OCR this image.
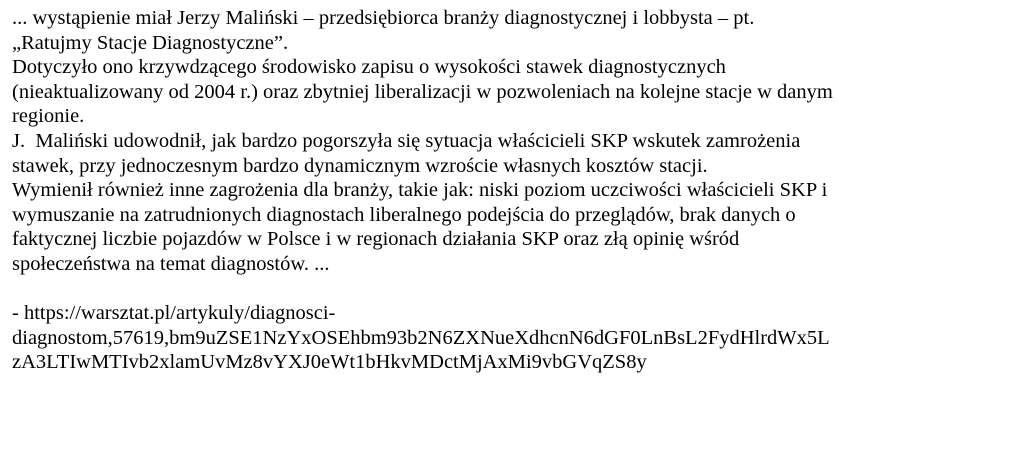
... wystąpienie miał Jerzy Maliński – przedsiębiorca branży diagnostycznej i lobbysta – pt.
„Ratujmy Stacje Diagnostyczne”.
Dotyczyło ono krzywdzącego środowisko zapisu o wysokości stawek diagnostycznych
(nieaktualizowany od 2004 r.) oraz zbytniej liberalizacji w pozwoleniach na kolejne stacje w danym
regionie.
J.  Maliński udowodnił, jak bardzo pogorszyła się sytuacja właścicieli SKP wskutek zamrożenia
stawek, przy jednoczesnym bardzo dynamicznym wzroście własnych kosztów stacji.
Wymienił również inne zagrożenia dla branży, takie jak: niski poziom uczciwości właścicieli SKP i
wymuszanie na zatrudnionych diagnostach liberalnego podejścia do przeglądów, brak danych o
faktycznej liczbie pojazdów w Polsce i w regionach działania SKP oraz złą opinię wśród
społeczeństwa na temat diagnostów. ...
- https://warsztat.pl/artykuly/diagnosci-
diagnostom,57619,bm9uZSE1NzYxOSEhbm93b2N6ZXNueXdhcnN6dGF0LnBsL2FydHlrdWx5L
zA3LTIwMTIvb2xlamUvMz8vYXJ0eWt1bHkvMDctMjAxMi9vbGVqZS8y
